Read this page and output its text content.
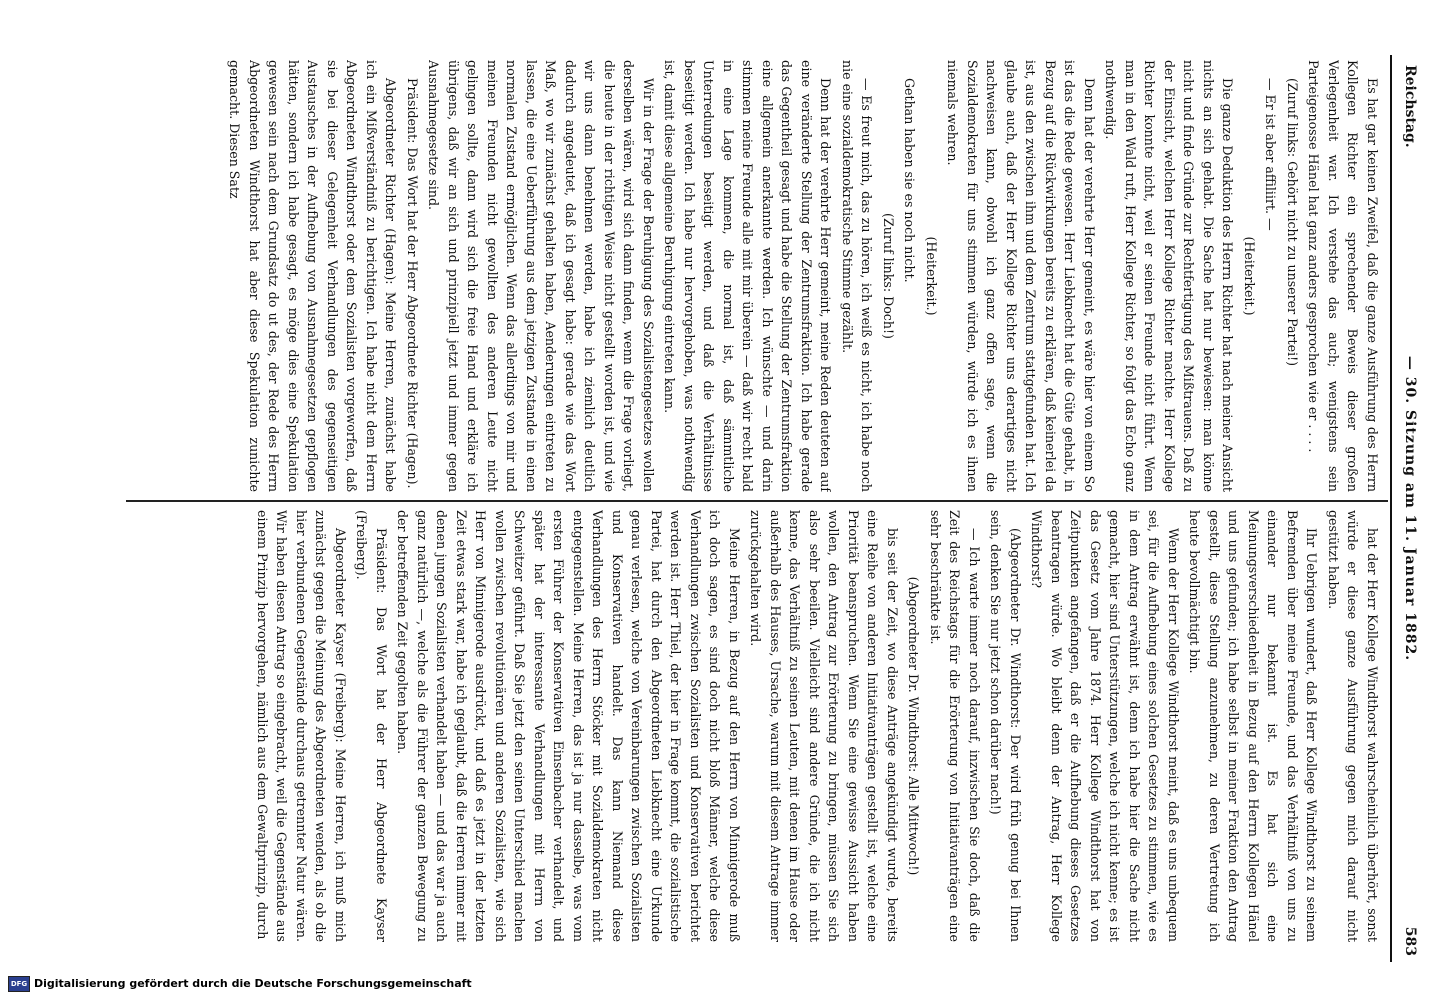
Reichstag.
— 30. Sitzung am 11. Januar 1882.
583

Es hat gar keinen Zweifel, daß die ganze Ausführung des Herrn Kollegen Richter ein sprechender Beweis dieser großen Verlegenheit war. Ich verstehe das auch; wenigstens sein Parteigenosse Hänel hat ganz anders gesprochen wie er . . . .

(Zuruf links: Gehört nicht zu unserer Partei!)

— Er ist aber affiliirt. —

(Heiterkeit.)

Die ganze Deduktion des Herrn Richter hat nach meiner Ansicht nichts an sich gehabt. Die Sache hat nur bewiesen: man könne nicht und finde Gründe zur Rechtfertigung des Mißtrauens. Daß zu der Einsicht, welchen Herr Kollege Richter machte. Herr Kollege Richter konnte nicht, weil er seinen Freunde nicht führt. Wenn man in den Wald ruft, Herr Kollege Richter, so folgt das Echo ganz nothwendig.

Denn hat der verehrte Herr gemeint, es wäre hier von einem So ist das die Rede gewesen. Herr Liebknecht hat die Güte gehabt, in Bezug auf die Rückwirkungen bereits zu erklären, daß keinerlei da ist, aus den zwischen ihm und dem Zentrum stattgefunden hat. Ich glaube auch, daß der Herr Kollege Richter uns derartiges nicht nachweisen kann, obwohl ich ganz offen sage, wenn die Sozialdemokraten für uns stimmen würden, würde ich es ihnen niemals wehren.

(Heiterkeit.)

Gethan haben sie es noch nicht.

(Zuruf links: Doch!)

— Es freut mich, das zu hören, ich weiß es nicht, ich habe noch nie eine sozialdemokratische Stimme gezählt.

Denn hat der verehrte Herr gemeint, meine Reden deuteten auf eine veränderte Stellung der Zentrumsfraktion. Ich habe gerade das Gegentheil gesagt und habe die Stellung der Zentrumsfraktion eine allgemein anerkannte werden. Ich wünschte — und darin stimmen meine Freunde alle mit mir überein — daß wir recht bald in eine Lage kommen, die normal ist, daß sämmtliche Unterredungen beseitigt werden, und daß die Verhältnisse beseitigt werden. Ich habe nur hervorgehoben, was nothwendig ist, damit diese allgemeine Beruhigung eintreten kann.

Wir in der Frage der Beruhigung des Sozialistengesetzes wollen derselben wären, wird sich dann finden, wenn die Frage vorliegt, die heute in der richtigen Weise nicht gestellt worden ist, und wie wir uns dann benehmen werden, habe ich ziemlich deutlich dadurch angedeutet, daß ich gesagt habe: gerade wie das Wort Maß, wo wir zunächst gehalten haben, Aenderungen eintreten zu lassen, die eine Ueberführung aus dem jetzigen Zustande in einen normalen Zustand ermöglichen. Wenn das allerdings von mir und meinen Freunden nicht gewollten des anderen Leute nicht gelingen sollte, dann wird sich die freie Hand und erkläre ich übrigens, daß wir an sich und prinzipiell jetzt und immer gegen Ausnahmegesetze sind.

Präsident: Das Wort hat der Herr Abgeordnete Richter (Hagen).

Abgeordneter Richter (Hagen): Meine Herren, zunächst habe ich ein Mißverständniß zu berichtigen. Ich habe nicht dem Herrn Abgeordneten Windthorst oder dem Sozialisten vorgeworfen, daß sie bei dieser Gelegenheit Verhandlungen des gegenseitigen Austausches in der Aufhebung von Ausnahmegesetzen gepflogen hätten, sondern ich habe gesagt, es möge dies eine Spekulation gewesen sein nach dem Grundsatz do ut des, der Rede des Herrn Abgeordneten Windthorst hat aber diese Spekulation zunichte gemacht. Diesen Satz

hat der Herr Kollege Windthorst wahrscheinlich überhört, sonst würde er diese ganze Ausführung gegen mich darauf nicht gestützt haben.

Ihr Uebrigen wundert, daß Herr Kollege Windthorst zu seinem Befremden über meine Freunde, und das Verhältniß von uns zu einander nur bekannt ist. Es hat sich eine Meinungsverschiedenheit in Bezug auf den Herrn Kollegen Hänel und uns gefunden; ich habe selbst in meiner Fraktion den Antrag gestellt, diese Stellung anzunehmen, zu deren Vertretung ich heute bevollmächtigt bin.

Wenn der Herr Kollege Windthorst meint, daß es uns unbequem sei, für die Aufhebung eines solchen Gesetzes zu stimmen, wie es in dem Antrag erwähnt ist, denn ich habe hier die Sache nicht gemacht, hier sind Unterstützungen, welche ich nicht kenne; es ist das Gesetz vom Jahre 1874. Herr Kollege Windthorst hat von Zeitpunkten angefangen, daß er die Aufhebung dieses Gesetzes beantragen würde. Wo bleibt denn der Antrag, Herr Kollege Windthorst?

(Abgeordneter Dr. Windthorst: Der wird früh genug bei Ihnen sein, denken Sie nur jetzt schon darüber nach!)

— Ich warte immer noch darauf, inzwischen Sie doch, daß die Zeit des Reichstags für die Erörterung von Initiativanträgen eine sehr beschränkte ist.

(Abgeordneter Dr. Windthorst: Alle Mittwoch!)

bis seit der Zeit, wo diese Anträge angekündigt wurde, bereits eine Reihe von anderen Initiativanträgen gestellt ist, welche eine Priorität beanspruchen. Wenn Sie eine gewisse Aussicht haben wollen, den Antrag zur Erörterung zu bringen, müssen Sie sich also sehr beeilen. Vielleicht sind andere Gründe, die ich nicht kenne, das Verhältniß zu seinen Leuten, mit denen im Hause oder außerhalb des Hauses, Ursache, warum mit diesem Antrage immer zurückgehalten wird.

Meine Herren, in Bezug auf den Herrn von Minnigerode muß ich doch sagen, es sind doch nicht bloß Männer, welche diese Verhandlungen zwischen Sozialisten und Konservativen berichtet werden ist. Herr Thiel, der hier in Frage kommt, die sozialistische Partei, hat durch den Abgeordneten Liebknecht eine Urkunde genau verlesen, welche von Vereinbarungen zwischen Sozialisten und Konservativen handelt. Das kann Niemand diese Verhandlungen des Herrn Stöcker mit Sozialdemokraten nicht entgegenstellen. Meine Herren, das ist ja nur dasselbe, was vom ersten Führer der Konservativen Einsenbacher verhandelt, und später hat der interessante Verhandlungen mit Herrn von Schweitzer geführt. Daß Sie jetzt den seinen Unterschied machen wollen zwischen revolutionären und anderen Sozialisten, wie sich Herr von Minnigerode ausdrückt, und daß es jetzt in der letzten Zeit etwas stark war, habe ich geglaubt, daß die Herren immer mit denen jungen Sozialisten verhandelt haben — und das war ja auch ganz natürlich —, welche als die Führer der ganzen Bewegung zu der betreffenden Zeit gegolten haben.

Präsident: Das Wort hat der Herr Abgeordnete Kayser (Freiberg).

Abgeordneter Kayser (Freiberg): Meine Herren, ich muß mich zunächst gegen die Meinung des Abgeordneten wenden, als ob die hier verbundenen Gegenstände durchaus getrennter Natur wären. Wir haben diesen Antrag so eingebracht, weil die Gegenstände aus einem Prinzip hervorgehen, nämlich aus dem Gewaltprinzip, durch

DFG Digitalisierung gefördert durch die Deutsche Forschungsgemeinschaft
